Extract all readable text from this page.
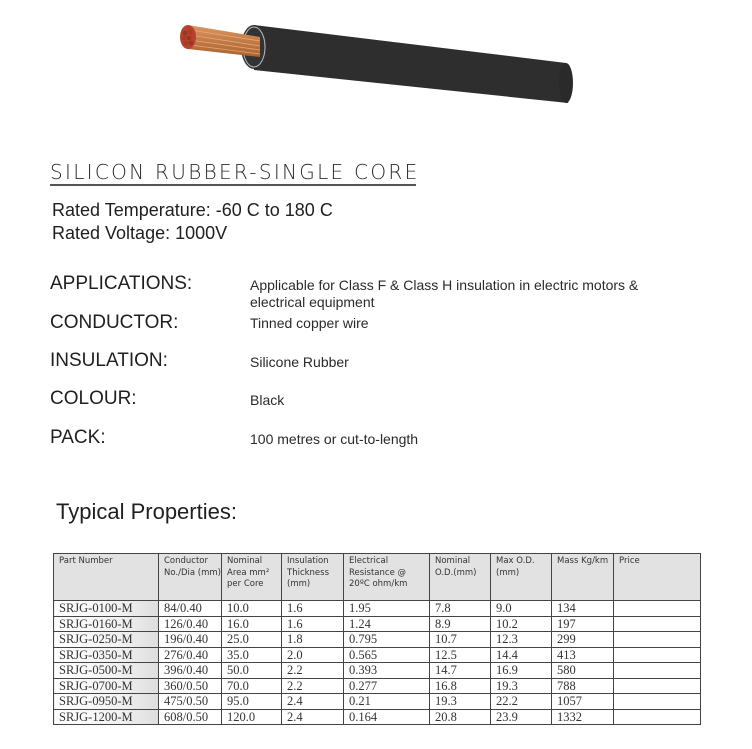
SILICON RUBBER-SINGLE CORE
Rated Temperature: -60 C to 180 C
Rated Voltage: 1000V
APPLICATIONS:	Applicable for Class F & Class H insulation in electric motors & electrical equipment
CONDUCTOR:	Tinned copper wire
INSULATION:	Silicone Rubber
COLOUR:	Black
PACK:	100 metres or cut-to-length
Typical Properties:
Part Number	Conductor No./Dia (mm)	Nominal Area mm² per Core	Insulation Thickness (mm)	Electrical Resistance @ 20ºC ohm/km	Nominal O.D.(mm)	Max O.D.(mm)	Mass Kg/km	Price
SRJG-0100-M	84/0.40	10.0	1.6	1.95	7.8	9.0	134	
SRJG-0160-M	126/0.40	16.0	1.6	1.24	8.9	10.2	197	
SRJG-0250-M	196/0.40	25.0	1.8	0.795	10.7	12.3	299	
SRJG-0350-M	276/0.40	35.0	2.0	0.565	12.5	14.4	413	
SRJG-0500-M	396/0.40	50.0	2.2	0.393	14.7	16.9	580	
SRJG-0700-M	360/0.50	70.0	2.2	0.277	16.8	19.3	788	
SRJG-0950-M	475/0.50	95.0	2.4	0.21	19.3	22.2	1057	
SRJG-1200-M	608/0.50	120.0	2.4	0.164	20.8	23.9	1332	
